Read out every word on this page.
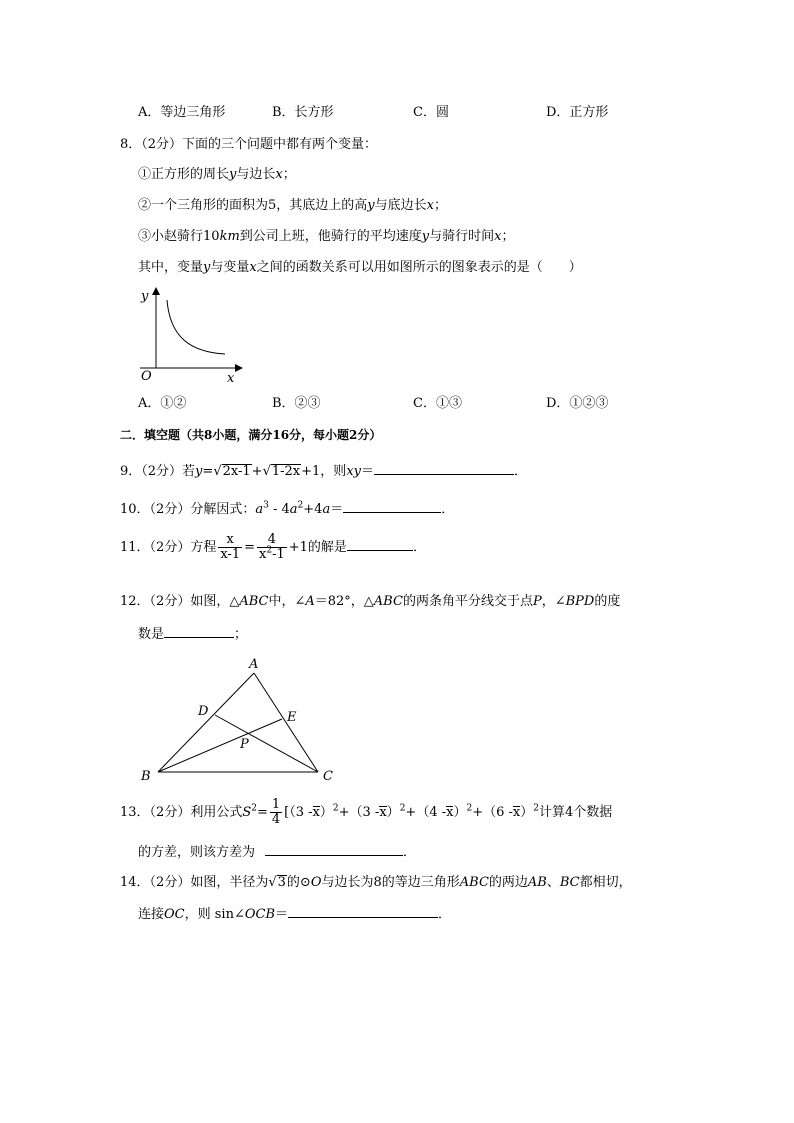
A．等边三角形	B．长方形	C．圆	D．正方形
8．（2分）下面的三个问题中都有两个变量：
①正方形的周长y与边长x；
②一个三角形的面积为5，其底边上的高y与底边长x；
③小赵骑行10km到公司上班，他骑行的平均速度y与骑行时间x；
其中，变量y与变量x之间的函数关系可以用如图所示的图象表示的是（　　）
y
x
O
A．①②	B．②③	C．①③	D．①②③
二．填空题（共8小题，满分16分，每小题2分）
9．（2分）若y=√2x-1+√1-2x+1，则xy＝	．
10．（2分）分解因式：$a^3 - 4a^2+4a=$	．
11．（2分）方程 $\frac{x}{x-1} = \frac{4}{x^2-1} +1$的解是	．
12．（2分）如图，△ABC中，∠A＝82°，△ABC的两条角平分线交于点P，∠BPD的度
数是	；
A
B	C
D	E
P
13．（2分）利用公式$S^2= \frac{1}{4} [(3$ -x）$^2$+（3 -x）$^2$+（4 -x）$^2$+（6 -x）$^2$计算4个数据
的方差，则该方差为	．
14．（2分）如图，半径为√3的⊙O与边长为8的等边三角形ABC的两边AB、BC都相切，
连接OC，则 sin∠OCB＝	．
